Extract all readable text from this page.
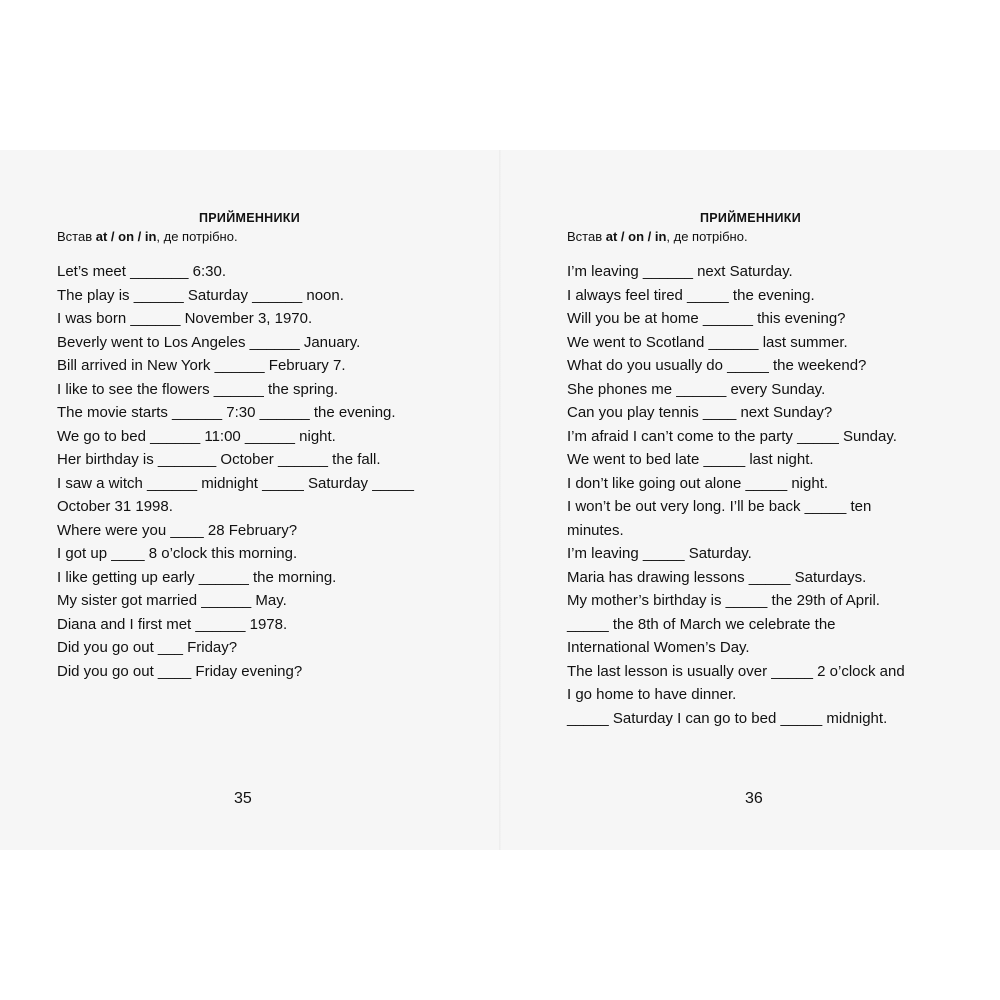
ПРИЙМЕННИКИ
Встав at / on / in, де потрібно.
Let’s meet _______ 6:30.
The play is ______ Saturday ______ noon.
I was born ______ November 3, 1970.
Beverly went to Los Angeles ______ January.
Bill arrived in New York ______ February 7.
I like to see the flowers ______ the spring.
The movie starts ______ 7:30 ______ the evening.
We go to bed ______ 11:00 ______ night.
Her birthday is _______ October ______ the fall.
I saw a witch ______ midnight _____ Saturday _____
October 31 1998.
Where were you ____ 28 February?
I got up ____ 8 o’clock this morning.
I like getting up early ______ the morning.
My sister got married ______ May.
Diana and I first met ______ 1978.
Did you go out ___ Friday?
Did you go out ____ Friday evening?
35
ПРИЙМЕННИКИ
Встав at / on / in, де потрібно.
I’m leaving ______ next Saturday.
I always feel tired _____ the evening.
Will you be at home ______ this evening?
We went to Scotland ______ last summer.
What do you usually do _____ the weekend?
She phones me ______ every Sunday.
Can you play tennis ____ next Sunday?
I’m afraid I can’t come to the party _____ Sunday.
We went to bed late _____ last night.
I don’t like going out alone _____ night.
I won’t be out very long. I’ll be back _____ ten
minutes.
I’m leaving _____ Saturday.
Maria has drawing lessons _____ Saturdays.
My mother’s birthday is _____ the 29th of April.
_____ the 8th of March we celebrate the
International Women’s Day.
The last lesson is usually over _____ 2 o’clock and
I go home to have dinner.
_____ Saturday I can go to bed _____ midnight.
36
